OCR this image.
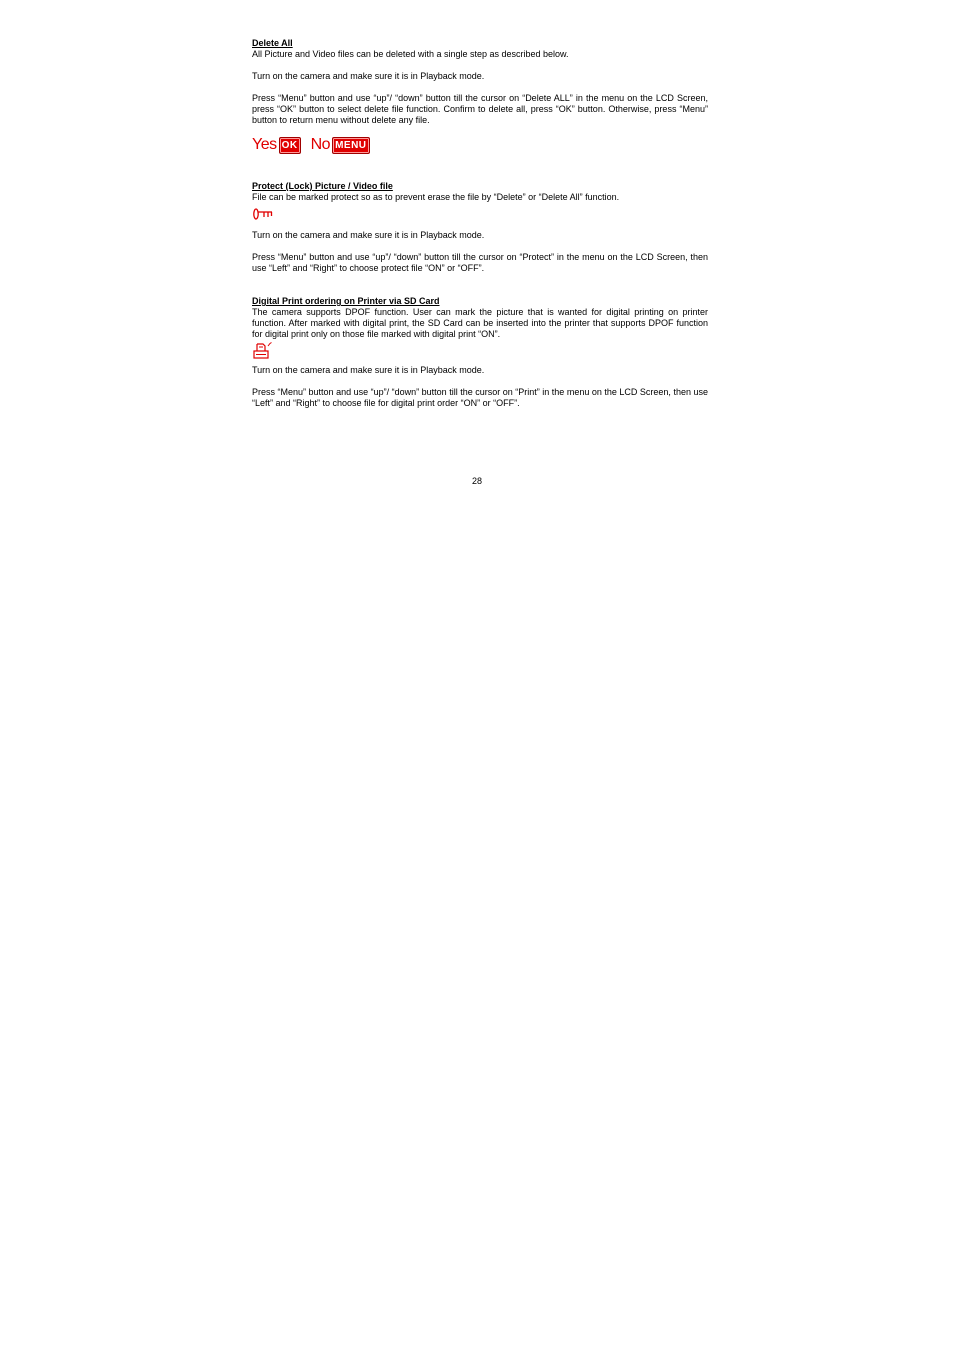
Delete All

All Picture and Video files can be deleted with a single step as described below.

Turn on the camera and make sure it is in Playback mode.

Press “Menu” button and use “up”/ “down” button till the cursor on “Delete ALL” in the menu on the LCD Screen, press “OK” button to select delete file function. Confirm to delete all, press “OK” button. Otherwise, press “Menu” button to return menu without delete any file.

Yes OK No MENU
Protect (Lock) Picture / Video file

File can be marked protect so as to prevent erase the file by “Delete” or “Delete All” function.

Turn on the camera and make sure it is in Playback mode.

Press “Menu” button and use “up”/ “down” button till the cursor on “Protect” in the menu on the LCD Screen, then use “Left” and “Right” to choose protect file “ON” or “OFF”.

Digital Print ordering on Printer via SD Card

The camera supports DPOF function. User can mark the picture that is wanted for digital printing on printer function. After marked with digital print, the SD Card can be inserted into the printer that supports DPOF function for digital print only on those file marked with digital print “ON”.

Turn on the camera and make sure it is in Playback mode.

Press “Menu” button and use “up”/ “down” button till the cursor on “Print” in the menu on the LCD Screen, then use “Left” and “Right” to choose file for digital print order “ON” or “OFF”.

28
